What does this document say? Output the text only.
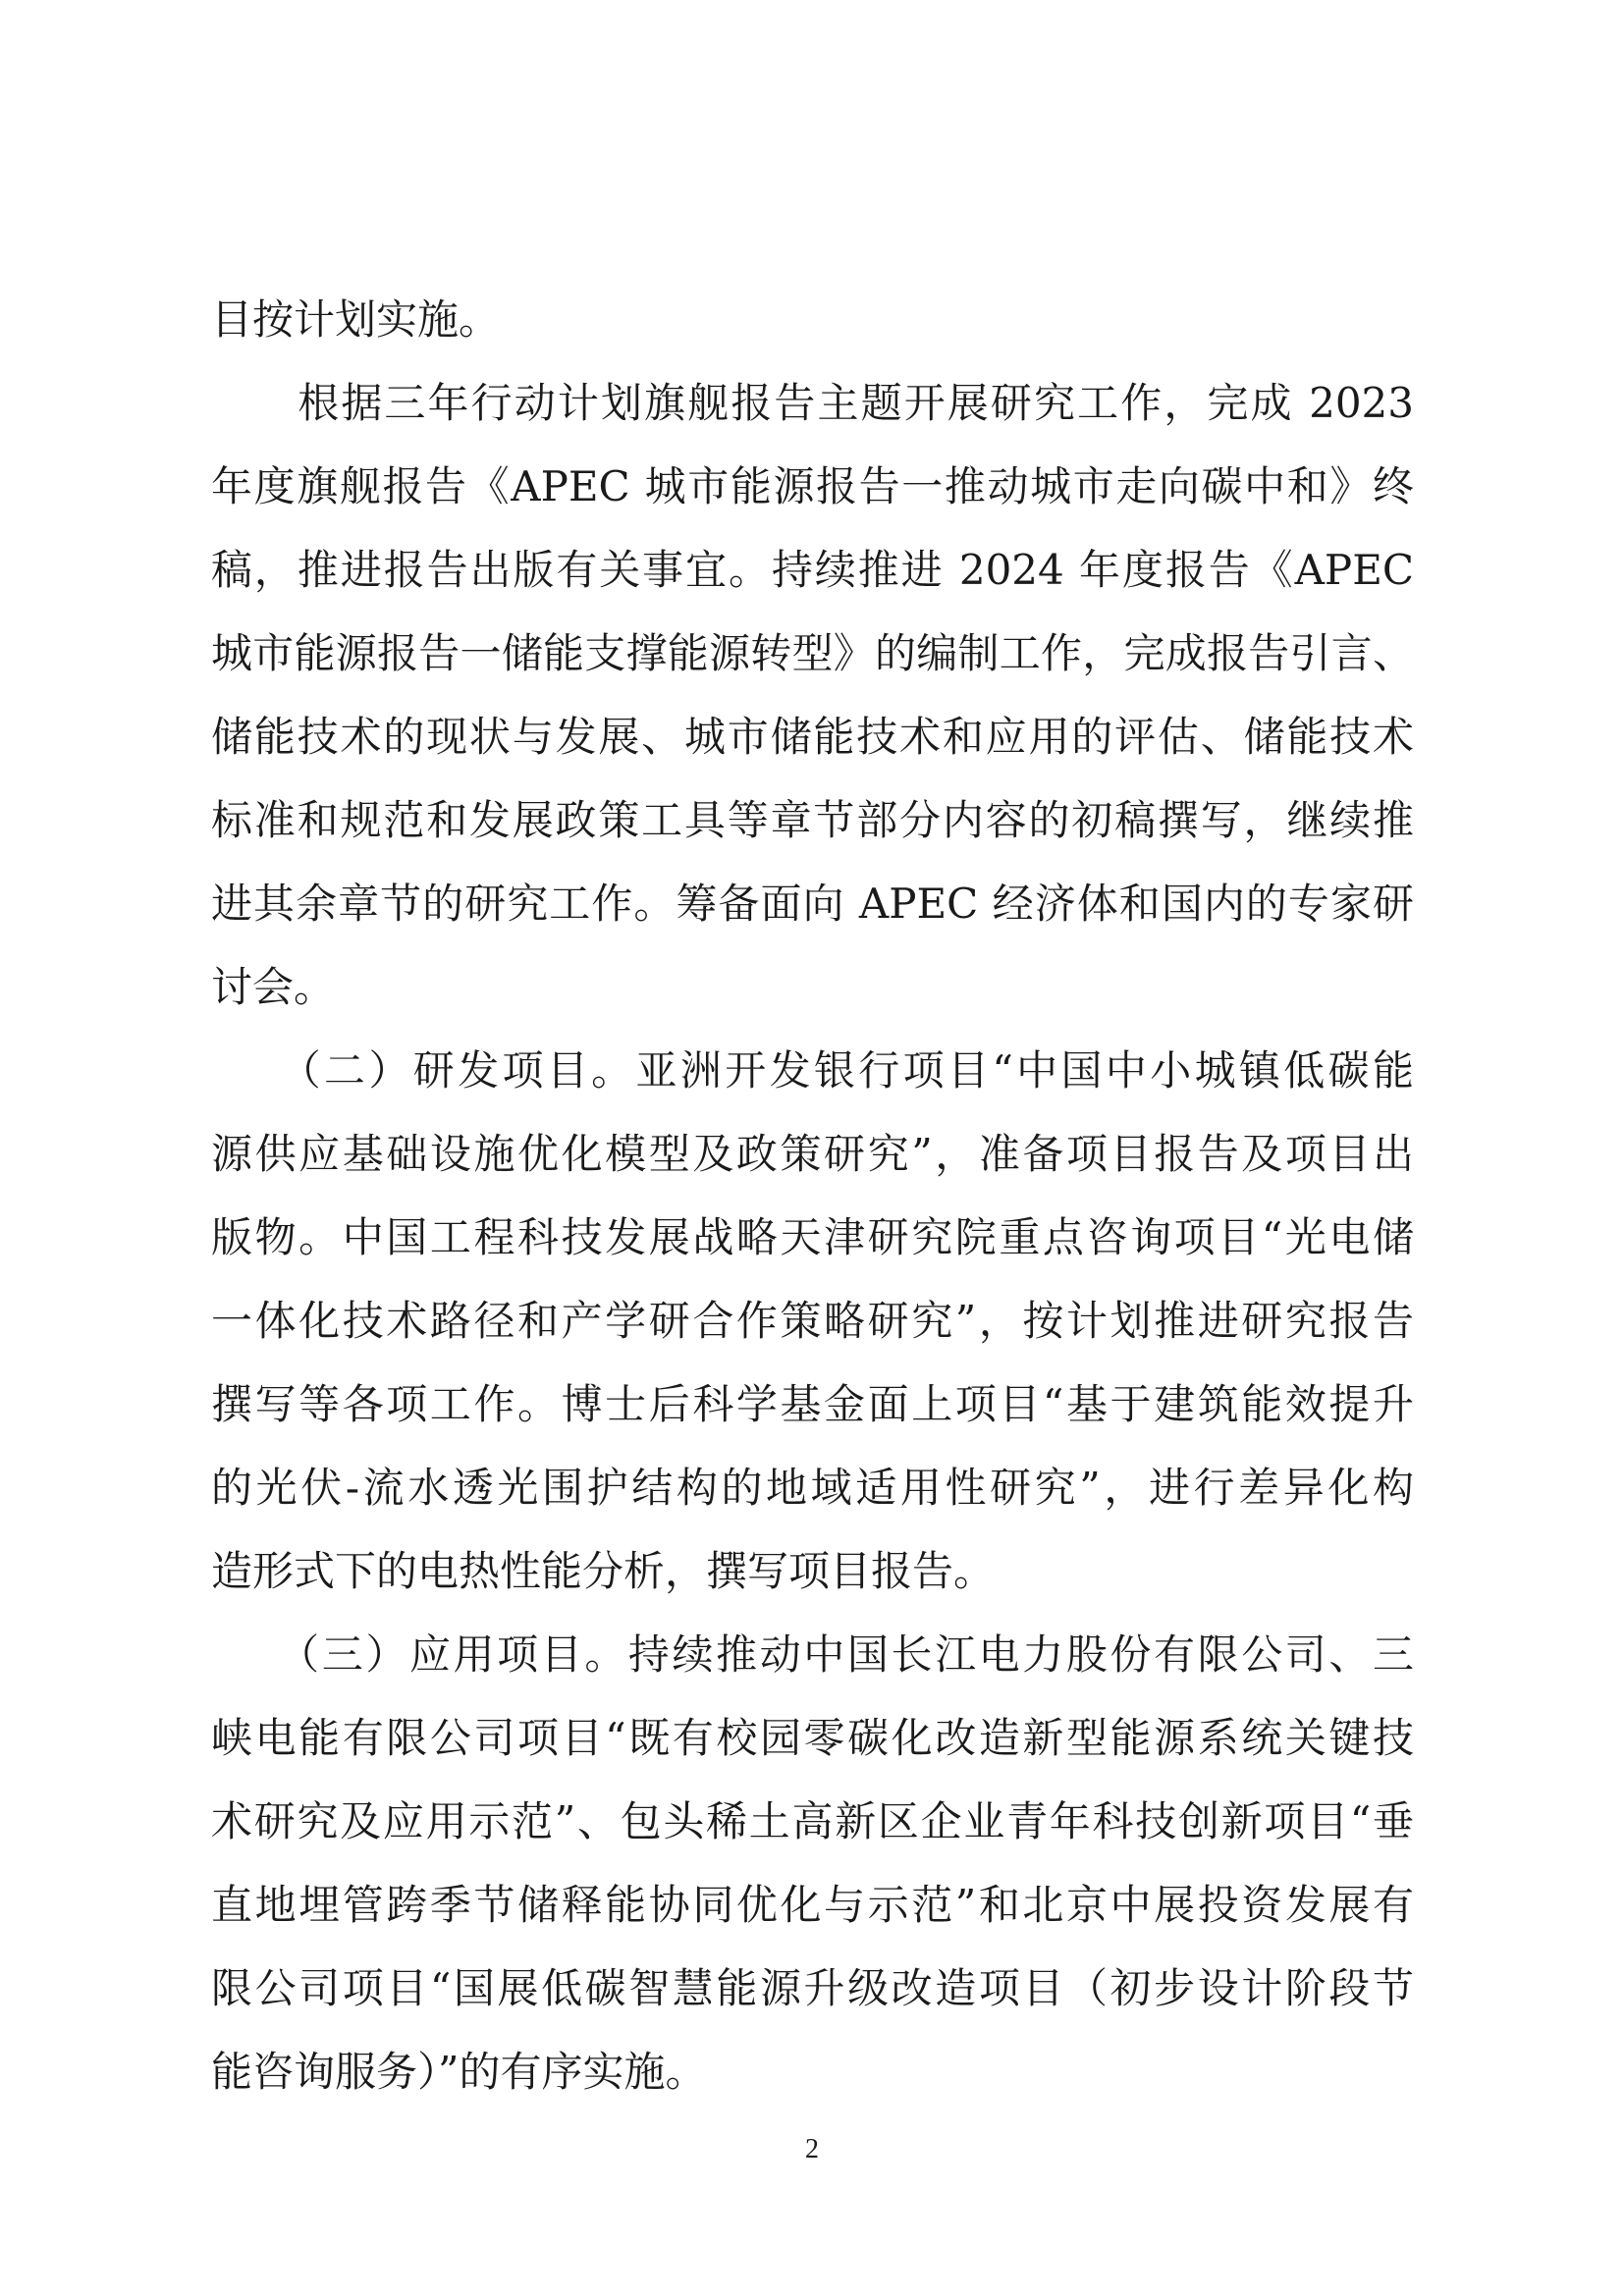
目按计划实施。
　　根据三年行动计划旗舰报告主题开展研究工作，完成 2023
年度旗舰报告《APEC 城市能源报告一推动城市走向碳中和》终
稿，推进报告出版有关事宜。持续推进 2024 年度报告《APEC
城市能源报告一储能支撑能源转型》的编制工作，完成报告引言、
储能技术的现状与发展、城市储能技术和应用的评估、储能技术
标准和规范和发展政策工具等章节部分内容的初稿撰写，继续推
进其余章节的研究工作。筹备面向 APEC 经济体和国内的专家研
讨会。
　　（二）研发项目。亚洲开发银行项目“中国中小城镇低碳能
源供应基础设施优化模型及政策研究”，准备项目报告及项目出
版物。中国工程科技发展战略天津研究院重点咨询项目“光电储
一体化技术路径和产学研合作策略研究”，按计划推进研究报告
撰写等各项工作。博士后科学基金面上项目“基于建筑能效提升
的光伏-流水透光围护结构的地域适用性研究”，进行差异化构
造形式下的电热性能分析，撰写项目报告。
　　（三）应用项目。持续推动中国长江电力股份有限公司、三
峡电能有限公司项目“既有校园零碳化改造新型能源系统关键技
术研究及应用示范”、包头稀土高新区企业青年科技创新项目“垂
直地埋管跨季节储释能协同优化与示范”和北京中展投资发展有
限公司项目“国展低碳智慧能源升级改造项目（初步设计阶段节
能咨询服务）”的有序实施。
2
